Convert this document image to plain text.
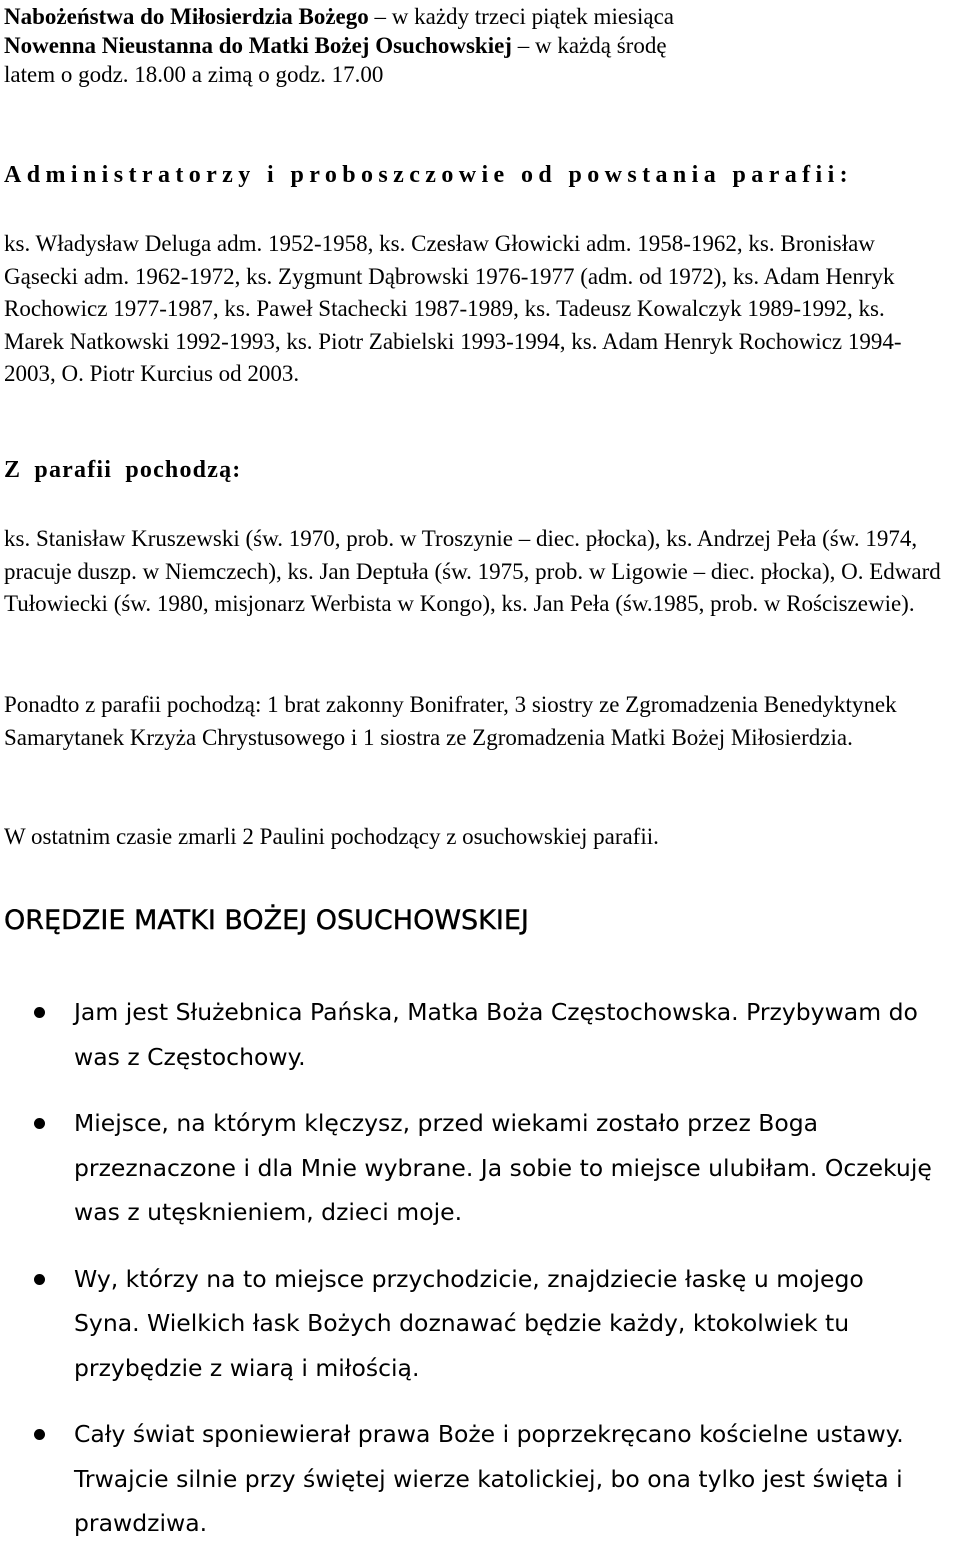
Nabożeństwa do Miłosierdzia Bożego – w każdy trzeci piątek miesiąca

Nowenna Nieustanna do Matki Bożej Osuchowskiej – w każdą środę

latem o godz. 18.00 a zimą o godz. 17.00

Administratorzy i proboszczowie od powstania parafii:

ks. Władysław Deluga adm. 1952-1958, ks. Czesław Głowicki adm. 1958-1962, ks. Bronisław Gąsecki adm. 1962-1972, ks. Zygmunt Dąbrowski 1976-1977 (adm. od 1972), ks. Adam Henryk Rochowicz 1977-1987, ks. Paweł Stachecki 1987-1989, ks. Tadeusz Kowalczyk 1989-1992, ks. Marek Natkowski 1992-1993, ks. Piotr Zabielski 1993-1994, ks. Adam Henryk Rochowicz 1994-2003, O. Piotr Kurcius od 2003.

Z parafii pochodzą:

ks. Stanisław Kruszewski (św. 1970, prob. w Troszynie – diec. płocka), ks. Andrzej Peła (św. 1974, pracuje duszp. w Niemczech), ks. Jan Deptuła (św. 1975, prob. w Ligowie – diec. płocka), O. Edward Tułowiecki (św. 1980, misjonarz Werbista w Kongo), ks. Jan Peła (św.1985, prob. w Rościszewie).

Ponadto z parafii pochodzą: 1 brat zakonny Bonifrater, 3 siostry ze Zgromadzenia Benedyktynek Samarytanek Krzyża Chrystusowego i 1 siostra ze Zgromadzenia Matki Bożej Miłosierdzia.

W ostatnim czasie zmarli 2 Paulini pochodzący z osuchowskiej parafii.

ORĘDZIE MATKI BOŻEJ OSUCHOWSKIEJ
Jam jest Służebnica Pańska, Matka Boża Częstochowska. Przybywam do was z Częstochowy.
Miejsce, na którym klęczysz, przed wiekami zostało przez Boga przeznaczone i dla Mnie wybrane. Ja sobie to miejsce ulubiłam. Oczekuję was z utęsknieniem, dzieci moje.
Wy, którzy na to miejsce przychodzicie, znajdziecie łaskę u mojego Syna. Wielkich łask Bożych doznawać będzie każdy, ktokolwiek tu przybędzie z wiarą i miłością.
Cały świat sponiewierał prawa Boże i poprzekręcano kościelne ustawy. Trwajcie silnie przy świętej wierze katolickiej, bo ona tylko jest święta i prawdziwa.
